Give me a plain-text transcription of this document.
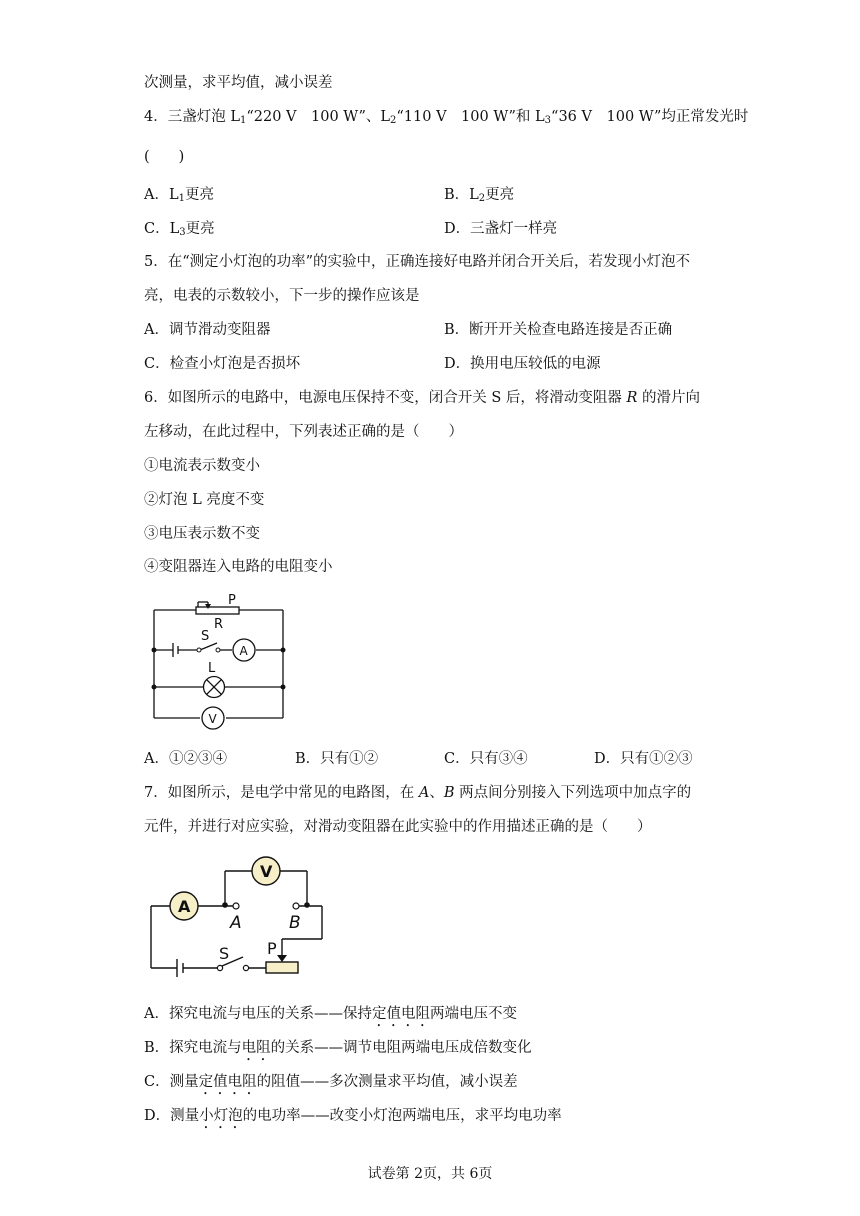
次测量，求平均值，减小误差
4．三盏灯泡 $L_1“220$ V　100 W”、$L_2“110$ V　100 W”和 $L_3“36$ V　100 W”均正常发光时
(　　)
A．$L_1$更亮	B．$L_2$更亮
C．$L_3$更亮	D．三盏灯一样亮
5．在“测定小灯泡的功率”的实验中，正确连接好电路并闭合开关后，若发现小灯泡不
亮，电表的示数较小，下一步的操作应该是
A．调节滑动变阻器	B．断开开关检查电路连接是否正确
C．检查小灯泡是否损坏	D．换用电压较低的电源
6．如图所示的电路中，电源电压保持不变，闭合开关 S 后，将滑动变阻器 R 的滑片向
左移动，在此过程中，下列表述正确的是（　　）
①电流表示数变小
②灯泡 L 亮度不变
③电压表示数不变
④变阻器连入电路的电阻变小
P
R
S
L
A
V
A．①②③④	B．只有①②	C．只有③④	D．只有①②③
7．如图所示，是电学中常见的电路图，在 A、B 两点间分别接入下列选项中加点字的
元件，并进行对应实验，对滑动变阻器在此实验中的作用描述正确的是（　　）
A
V
A	B
S P
A．探究电流与电压的关系——保持定值电阻两端电压不变
B．探究电流与电阻的关系——调节电阻两端电压成倍数变化
C．测量定值电阻的阻值——多次测量求平均值，减小误差
D．测量小灯泡的电功率——改变小灯泡两端电压，求平均电功率
试卷第 2页，共 6页
